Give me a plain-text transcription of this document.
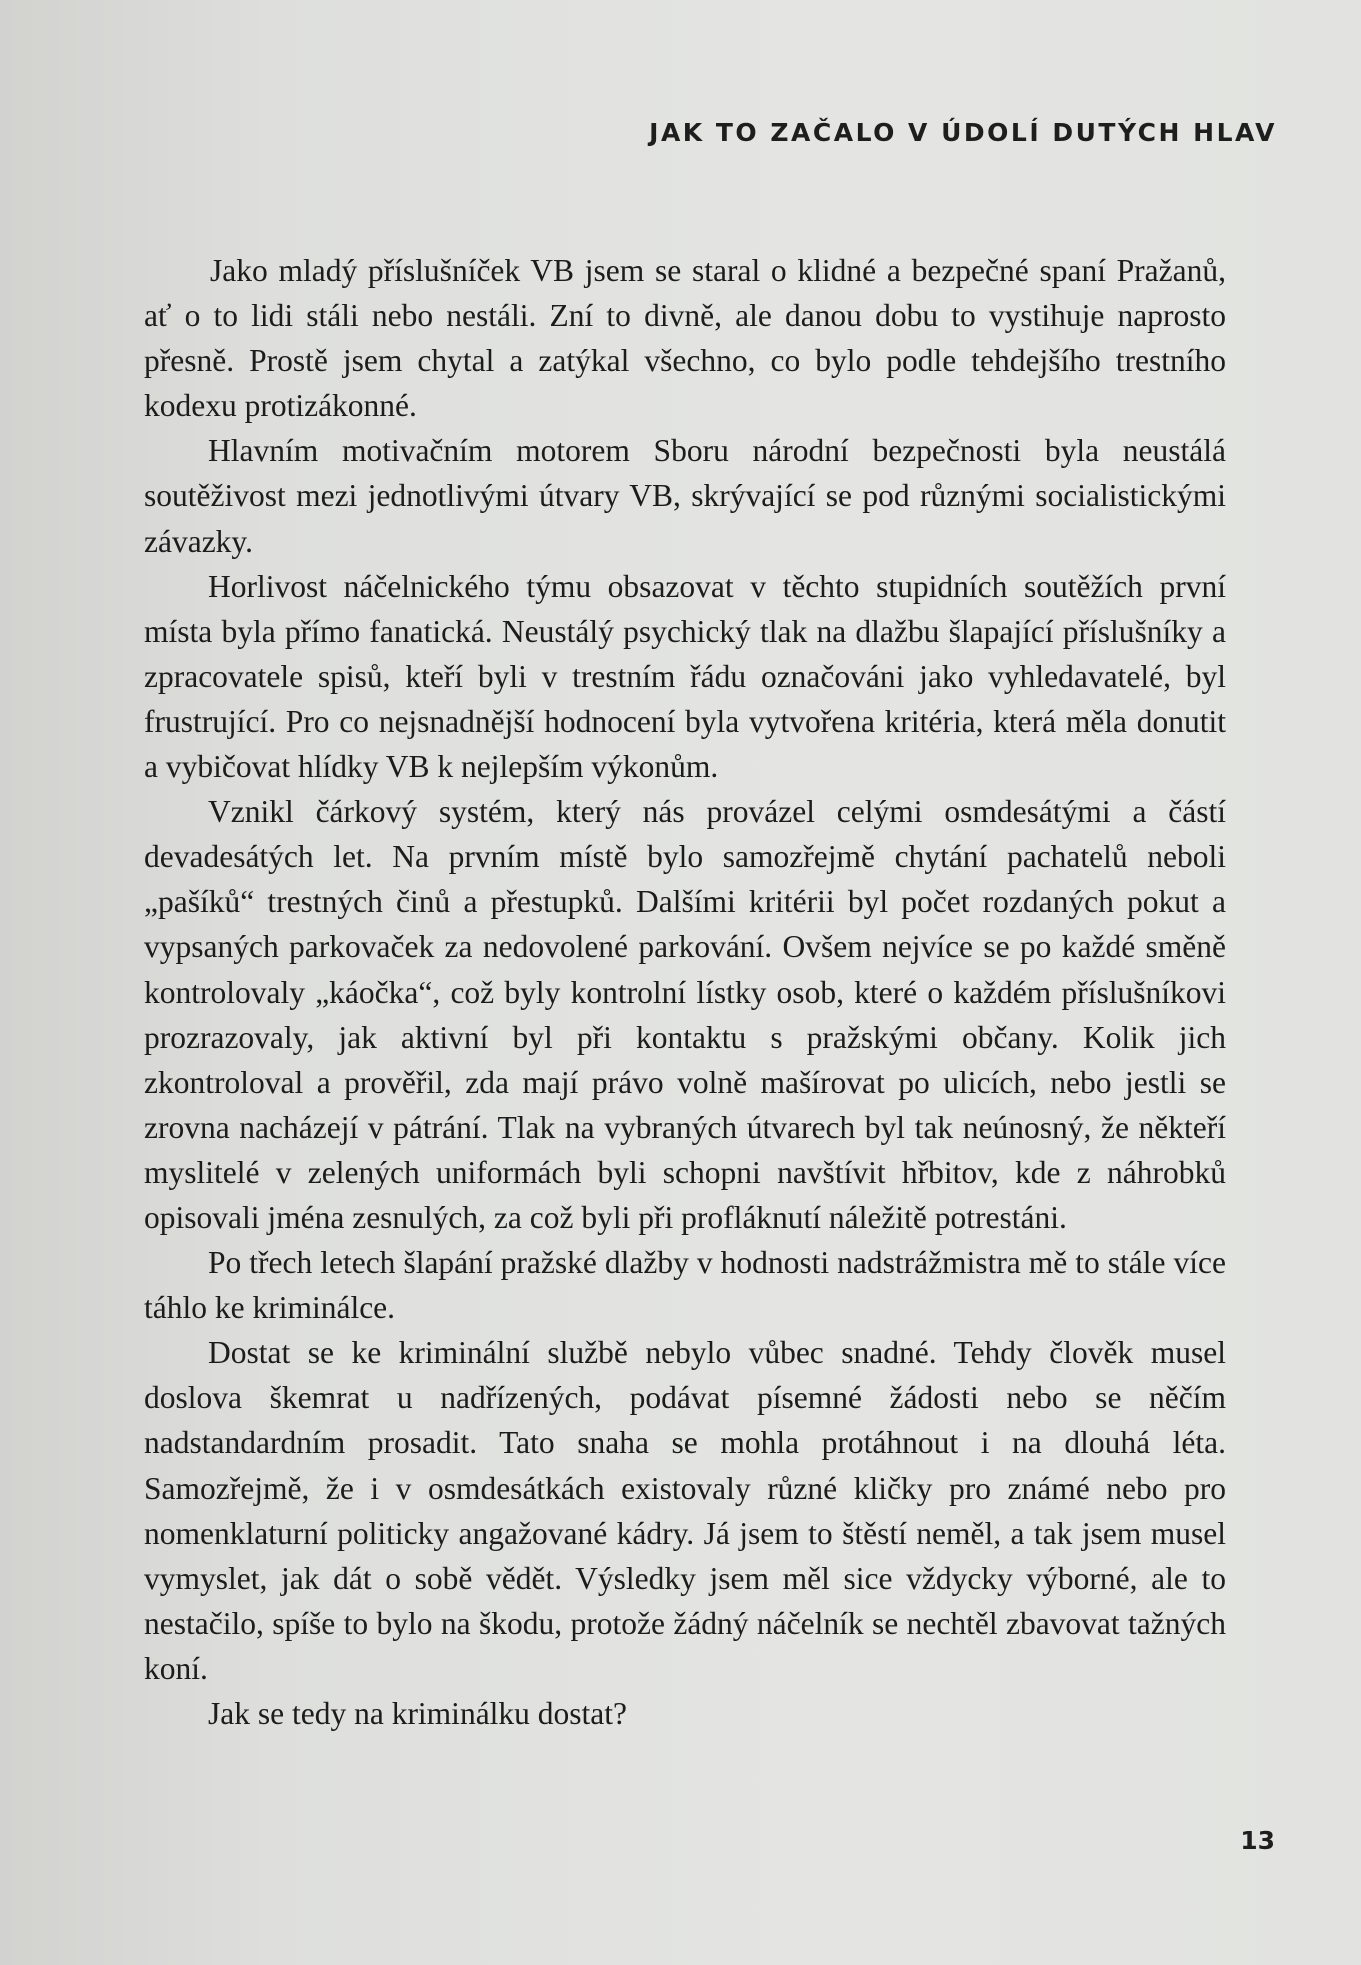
JAK TO ZAČALO V ÚDOLÍ DUTÝCH HLAV

Jako mladý příslušníček VB jsem se staral o klidné a bezpečné spaní Pražanů, ať o to lidi stáli nebo nestáli. Zní to divně, ale danou dobu to vystihuje naprosto přesně. Prostě jsem chytal a zatýkal všechno, co bylo podle tehdejšího trestního kodexu protizákonné.

Hlavním motivačním motorem Sboru národní bezpečnosti byla neustálá soutěživost mezi jednotlivými útvary VB, skrývající se pod různými socialistickými závazky.

Horlivost náčelnického týmu obsazovat v těchto stupidních soutěžích první místa byla přímo fanatická. Neustálý psychický tlak na dlažbu šlapající příslušníky a zpracovatele spisů, kteří byli v trestním řádu označováni jako vyhledavatelé, byl frustrující. Pro co nejsnadnější hodnocení byla vytvořena kritéria, která měla donutit a vybičovat hlídky VB k nejlepším výkonům.

Vznikl čárkový systém, který nás provázel celými osmdesátými a částí devadesátých let. Na prvním místě bylo samozřejmě chytání pachatelů neboli „pašíků“ trestných činů a přestupků. Dalšími kritérii byl počet rozdaných pokut a vypsaných parkovaček za nedovolené parkování. Ovšem nejvíce se po každé směně kontrolovaly „káočka“, což byly kontrolní lístky osob, které o každém příslušníkovi prozrazovaly, jak aktivní byl při kontaktu s pražskými občany. Kolik jich zkontroloval a prověřil, zda mají právo volně mašírovat po ulicích, nebo jestli se zrovna nacházejí v pátrání. Tlak na vybraných útvarech byl tak neúnosný, že někteří myslitelé v zelených uniformách byli schopni navštívit hřbitov, kde z náhrobků opisovali jména zesnulých, za což byli při profláknutí náležitě potrestáni.

Po třech letech šlapání pražské dlažby v hodnosti nadstrážmistra mě to stále více táhlo ke kriminálce.

Dostat se ke kriminální službě nebylo vůbec snadné. Tehdy člověk musel doslova škemrat u nadřízených, podávat písemné žádosti nebo se něčím nadstandardním prosadit. Tato snaha se mohla protáhnout i na dlouhá léta. Samozřejmě, že i v osmdesátkách existovaly různé kličky pro známé nebo pro nomenklaturní politicky angažované kádry. Já jsem to štěstí neměl, a tak jsem musel vymyslet, jak dát o sobě vědět. Výsledky jsem měl sice vždycky výborné, ale to nestačilo, spíše to bylo na škodu, protože žádný náčelník se nechtěl zbavovat tažných koní.

Jak se tedy na kriminálku dostat?

13
